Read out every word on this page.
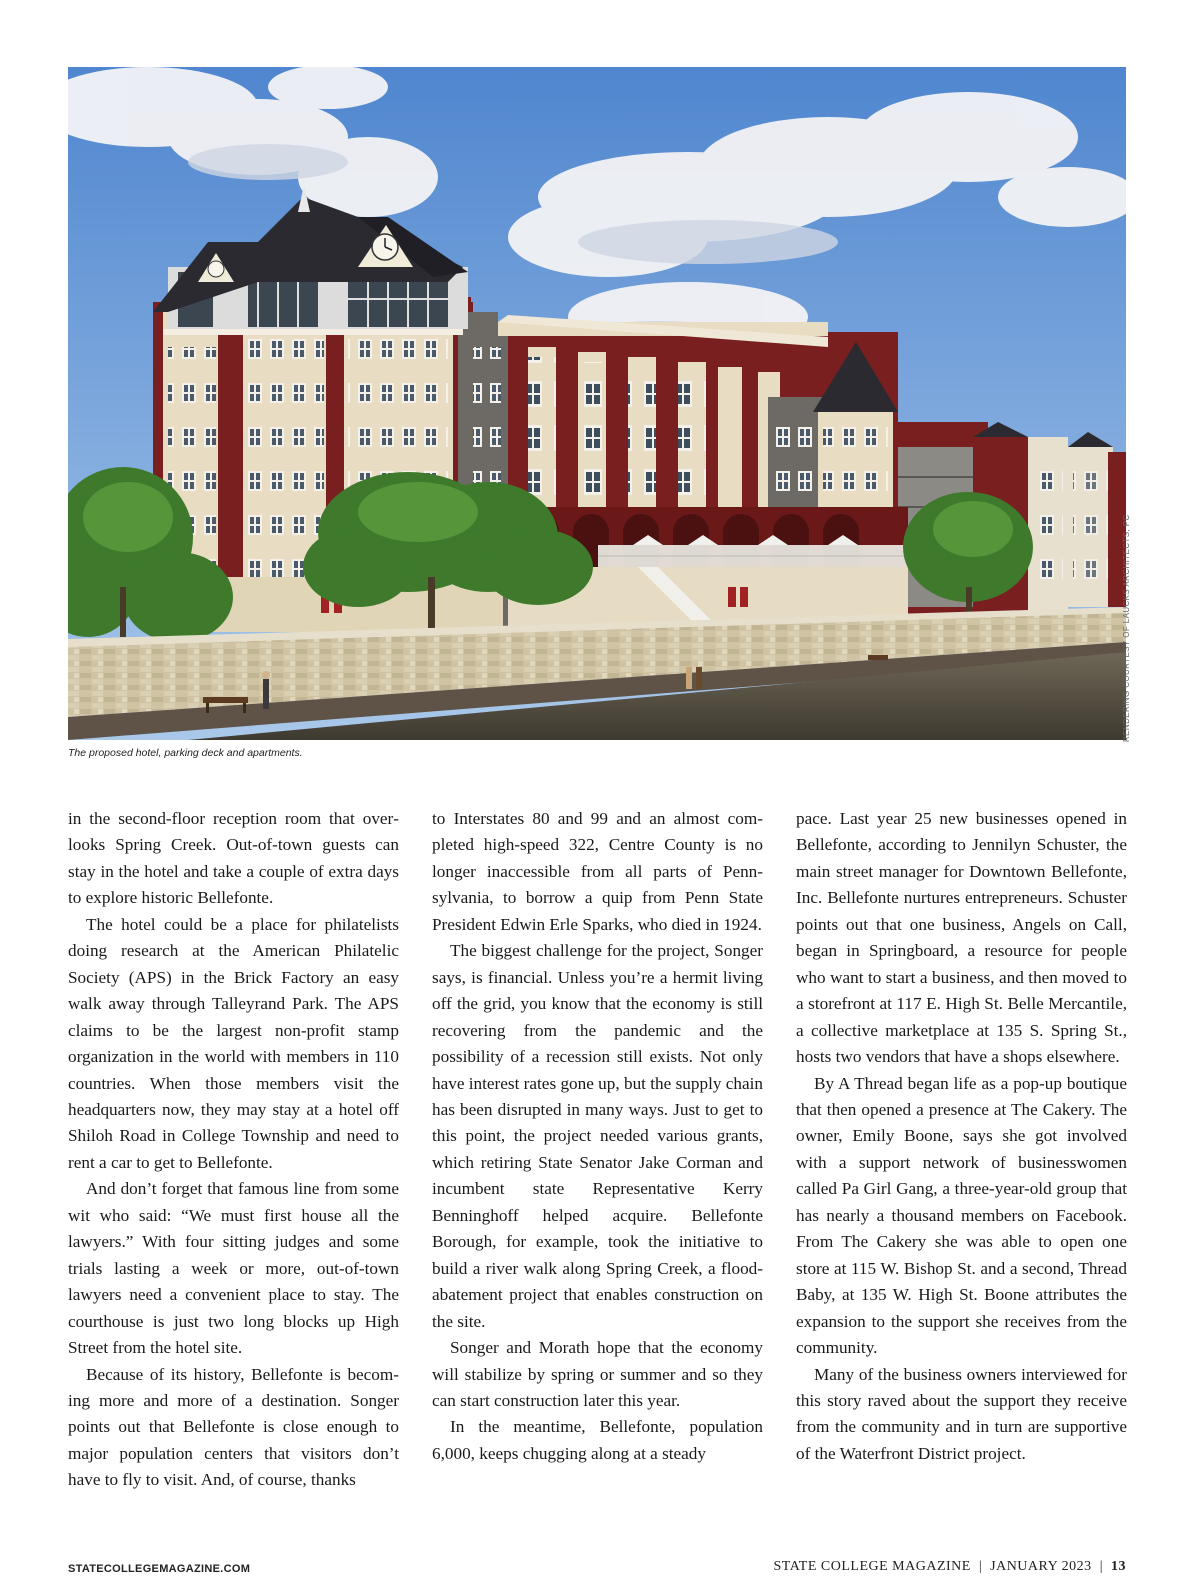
RENDERING COURTESY OF LAUCKS ARCHITECTS, PC
The proposed hotel, parking deck and apartments.

in the second-floor reception room that overlooks Spring Creek. Out-of-town guests can stay in the hotel and take a couple of extra days to explore historic Bellefonte.

The hotel could be a place for philatelists doing research at the American Philatelic Society (APS) in the Brick Factory an easy walk away through Talleyrand Park. The APS claims to be the largest non-profit stamp organization in the world with members in 110 countries. When those members visit the headquarters now, they may stay at a hotel off Shiloh Road in College Township and need to rent a car to get to Bellefonte.

And don’t forget that famous line from some wit who said: “We must first house all the lawyers.” With four sitting judges and some trials lasting a week or more, out-of-town lawyers need a convenient place to stay. The courthouse is just two long blocks up High Street from the hotel site.

Because of its history, Bellefonte is becoming more and more of a destination. Songer points out that Bellefonte is close enough to major population centers that visitors don’t have to fly to visit. And, of course, thanks

to Interstates 80 and 99 and an almost completed high-speed 322, Centre County is no longer inaccessible from all parts of Pennsylvania, to borrow a quip from Penn State President Edwin Erle Sparks, who died in 1924.

The biggest challenge for the project, Songer says, is financial. Unless you’re a hermit living off the grid, you know that the economy is still recovering from the pandemic and the possibility of a recession still exists. Not only have interest rates gone up, but the supply chain has been disrupted in many ways. Just to get to this point, the project needed various grants, which retiring State Senator Jake Corman and incumbent state Representative Kerry Benninghoff helped acquire. Bellefonte Borough, for example, took the initiative to build a river walk along Spring Creek, a flood-abatement project that enables construction on the site.

Songer and Morath hope that the economy will stabilize by spring or summer and so they can start construction later this year.

In the meantime, Bellefonte, population 6,000, keeps chugging along at a steady

pace. Last year 25 new businesses opened in Bellefonte, according to Jennilyn Schuster, the main street manager for Downtown Bellefonte, Inc. Bellefonte nurtures entrepreneurs. Schuster points out that one business, Angels on Call, began in Springboard, a resource for people who want to start a business, and then moved to a storefront at 117 E. High St. Belle Mercantile, a collective marketplace at 135 S. Spring St., hosts two vendors that have a shops elsewhere.

By A Thread began life as a pop-up boutique that then opened a presence at The Cakery. The owner, Emily Boone, says she got involved with a support network of businesswomen called Pa Girl Gang, a three-year-old group that has nearly a thousand members on Facebook. From The Cakery she was able to open one store at 115 W. Bishop St. and a second, Thread Baby, at 135 W. High St. Boone attributes the expansion to the support she receives from the community.

Many of the business owners interviewed for this story raved about the support they receive from the community and in turn are supportive of the Waterfront District project.

STATECOLLEGEMAGAZINE.COM	STATE COLLEGE MAGAZINE | JANUARY 2023 | 13
